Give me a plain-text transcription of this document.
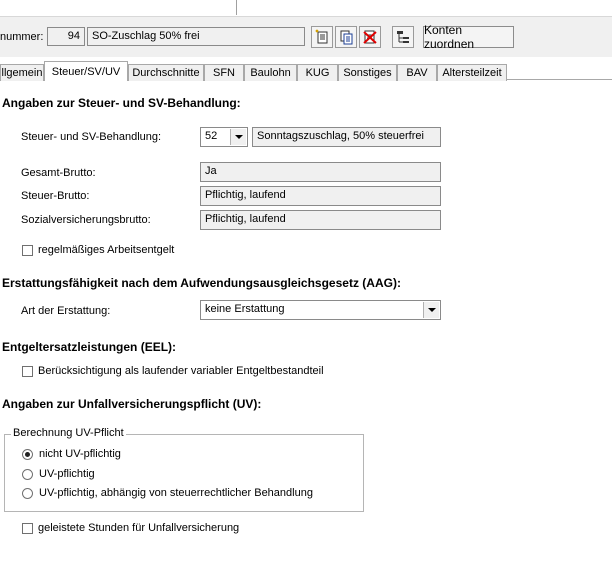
nummer:	94	SO-Zuschlag 50% frei	Konten zuordnen
llgemein Steuer/SV/UV	Durchschnitte	SFN	Baulohn	KUG	Sonstiges	BAV	Altersteilzeit
Angaben zur Steuer- und SV-Behandlung:
Steuer- und SV-Behandlung:	52	Sonntagszuschlag, 50% steuerfrei
Gesamt-Brutto:	Ja
Steuer-Brutto:	Pflichtig, laufend
Sozialversicherungsbrutto:	Pflichtig, laufend
regelmäßiges Arbeitsentgelt
Erstattungsfähigkeit nach dem Aufwendungsausgleichsgesetz (AAG):
Art der Erstattung:	keine Erstattung
Entgeltersatzleistungen (EEL):
Berücksichtigung als laufender variabler Entgeltbestandteil
Angaben zur Unfallversicherungspflicht (UV):
Berechnung UV-Pflicht
nicht UV-pflichtig
UV-pflichtig
UV-pflichtig, abhängig von steuerrechtlicher Behandlung
geleistete Stunden für Unfallversicherung
